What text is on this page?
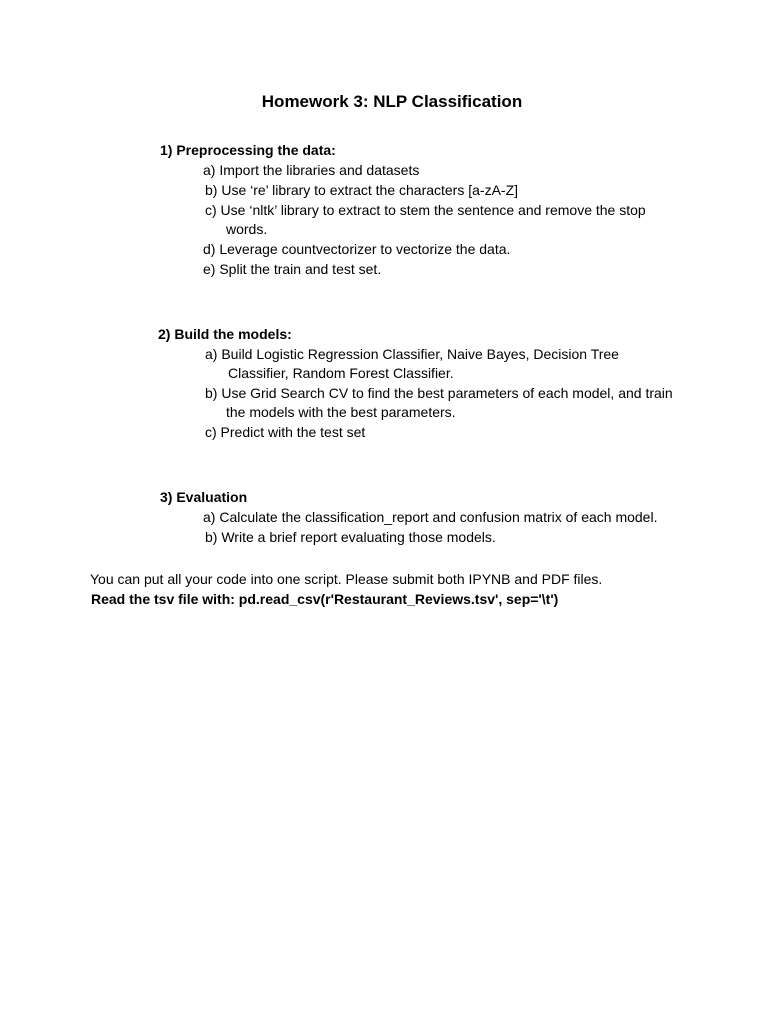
Homework 3: NLP Classification

1) Preprocessing the data:

a) Import the libraries and datasets

b) Use ‘re’ library to extract the characters [a-zA-Z]

c) Use ‘nltk’ library to extract to stem the sentence and remove the stop

words.

d) Leverage countvectorizer to vectorize the data.

e) Split the train and test set.

2) Build the models:

a) Build Logistic Regression Classifier, Naive Bayes, Decision Tree

Classifier, Random Forest Classifier.

b) Use Grid Search CV to find the best parameters of each model, and train

the models with the best parameters.

c) Predict with the test set

3) Evaluation

a) Calculate the classification_report and confusion matrix of each model.

b) Write a brief report evaluating those models.

You can put all your code into one script. Please submit both IPYNB and PDF files.

Read the tsv file with: pd.read_csv(r'Restaurant_Reviews.tsv', sep='\t')
